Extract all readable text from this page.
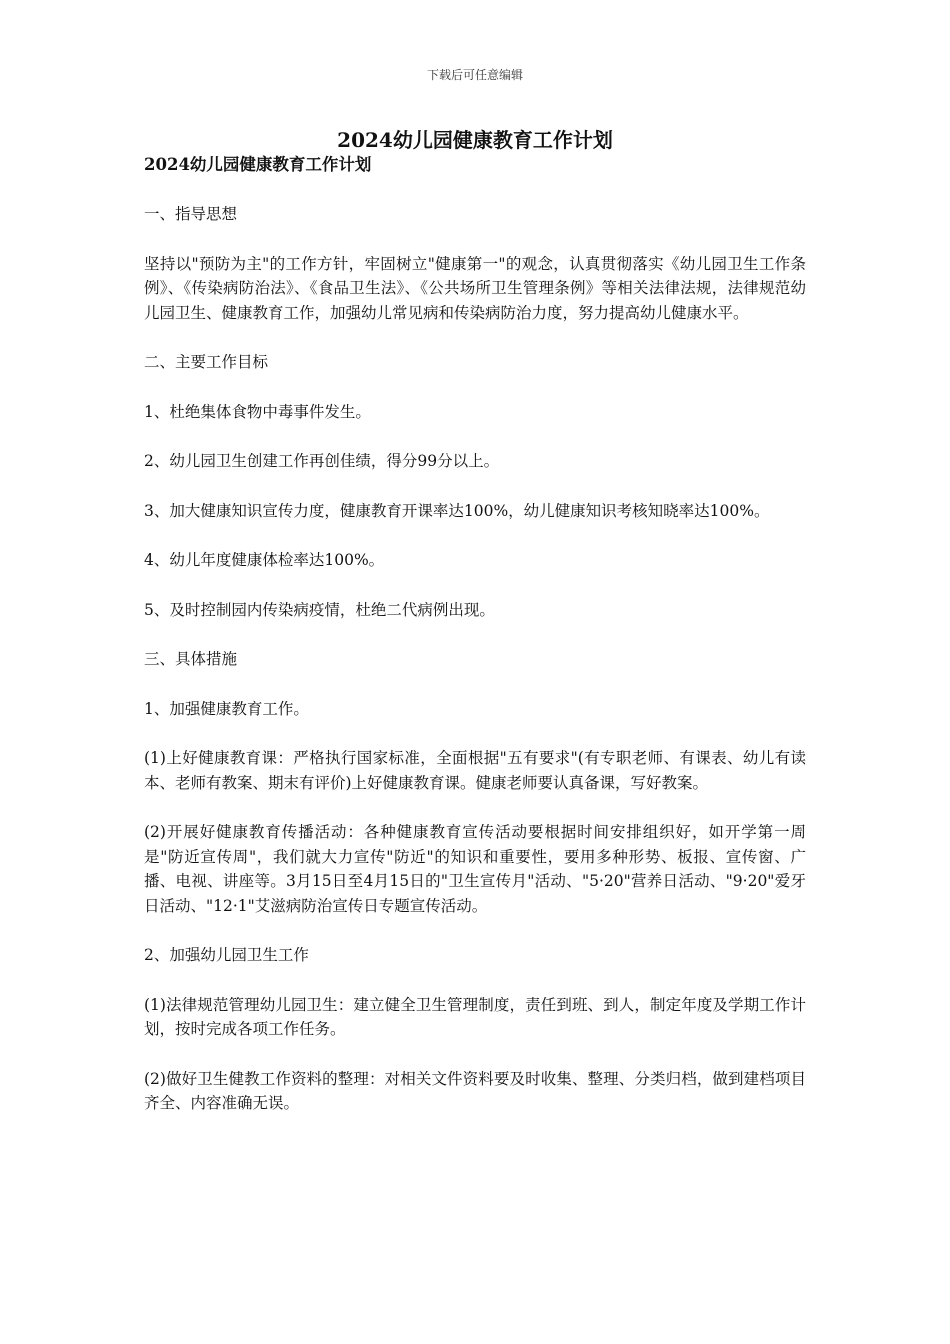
下载后可任意编辑
2024幼儿园健康教育工作计划
2024幼儿园健康教育工作计划

一、指导思想

坚持以"预防为主"的工作方针，牢固树立"健康第一"的观念，认真贯彻落实《幼儿园卫生工作条例》、《传染病防治法》、《食品卫生法》、《公共场所卫生管理条例》等相关法律法规，法律规范幼儿园卫生、健康教育工作，加强幼儿常见病和传染病防治力度，努力提高幼儿健康水平。

二、主要工作目标

1、杜绝集体食物中毒事件发生。

2、幼儿园卫生创建工作再创佳绩，得分99分以上。

3、加大健康知识宣传力度，健康教育开课率达100%，幼儿健康知识考核知晓率达100%。

4、幼儿年度健康体检率达100%。

5、及时控制园内传染病疫情，杜绝二代病例出现。

三、具体措施

1、加强健康教育工作。

(1)上好健康教育课：严格执行国家标准，全面根据"五有要求"(有专职老师、有课表、幼儿有读本、老师有教案、期末有评价)上好健康教育课。健康老师要认真备课，写好教案。

(2)开展好健康教育传播活动：各种健康教育宣传活动要根据时间安排组织好，如开学第一周是"防近宣传周"，我们就大力宣传"防近"的知识和重要性，要用多种形势、板报、宣传窗、广播、电视、讲座等。3月15日至4月15日的"卫生宣传月"活动、"5·20"营养日活动、"9·20"爱牙日活动、"12·1"艾滋病防治宣传日专题宣传活动。

2、加强幼儿园卫生工作

(1)法律规范管理幼儿园卫生：建立健全卫生管理制度，责任到班、到人，制定年度及学期工作计划，按时完成各项工作任务。

(2)做好卫生健教工作资料的整理：对相关文件资料要及时收集、整理、分类归档，做到建档项目齐全、内容准确无误。
